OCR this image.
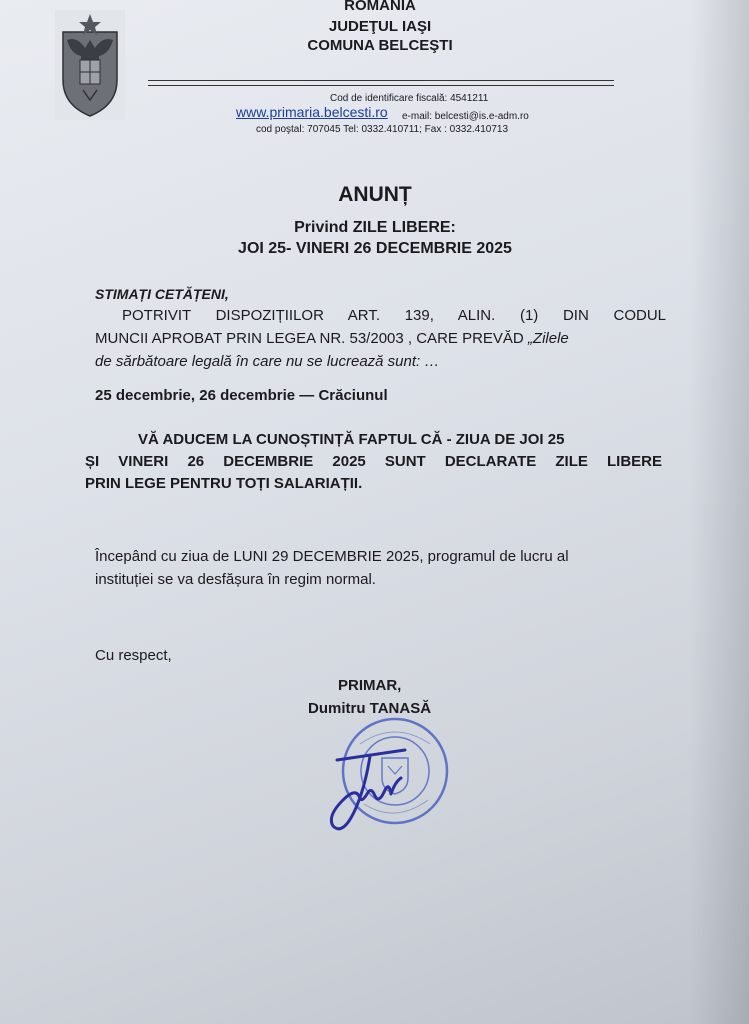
ROMANIA
JUDEŢUL IAŞI
COMUNA BELCEŞTI
Cod de identificare fiscală: 4541211
www.primaria.belcesti.ro e-mail: belcesti@is.e-adm.ro
cod poştal: 707045 Tel: 0332.410711; Fax : 0332.410713
ANUNȚ
Privind ZILE LIBERE:
JOI 25- VINERI 26 DECEMBRIE 2025
STIMAȚI CETĂȚENI,
POTRIVIT DISPOZIȚIILOR ART. 139, ALIN. (1) DIN CODUL
MUNCII APROBAT PRIN LEGEA NR. 53/2003 , CARE PREVĂD „Zilele
de sărbătoare legală în care nu se lucrează sunt: …
25 decembrie, 26 decembrie — Crăciunul
VĂ ADUCEM LA CUNOȘTINȚĂ FAPTUL CĂ - ZIUA DE JOI 25
ȘI VINERI 26 DECEMBRIE 2025 SUNT DECLARATE ZILE LIBERE
PRIN LEGE PENTRU TOȚI SALARIAȚII.
Începând cu ziua de LUNI 29 DECEMBRIE 2025, programul de lucru al
instituției se va desfășura în regim normal.
Cu respect,
PRIMAR,
Dumitru TANASĂ
